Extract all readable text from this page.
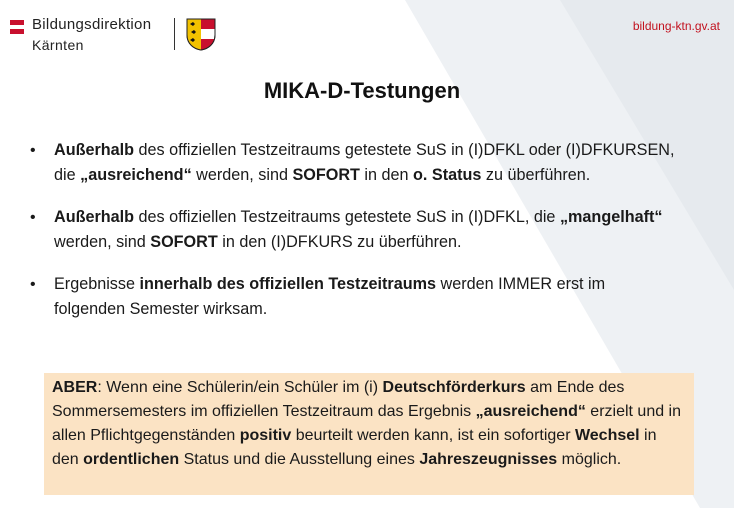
Bildungsdirektion
Kärnten
bildung-ktn.gv.at
MIKA-D-Testungen
• Außerhalb des offiziellen Testzeitraums getestete SuS in (I)DFKL oder (I)DFKURSEN, die „ausreichend“ werden, sind SOFORT in den o. Status zu überführen.
• Außerhalb des offiziellen Testzeitraums getestete SuS in (I)DFKL, die „mangelhaft“ werden, sind SOFORT in den (I)DFKURS zu überführen.
• Ergebnisse innerhalb des offiziellen Testzeitraums werden IMMER erst im folgenden Semester wirksam.
ABER: Wenn eine Schülerin/ein Schüler im (i) Deutschförderkurs am Ende des Sommersemesters im offiziellen Testzeitraum das Ergebnis „ausreichend“ erzielt und in allen Pflichtgegenständen positiv beurteilt werden kann, ist ein sofortiger Wechsel in den ordentlichen Status und die Ausstellung eines Jahreszeugnisses möglich.
